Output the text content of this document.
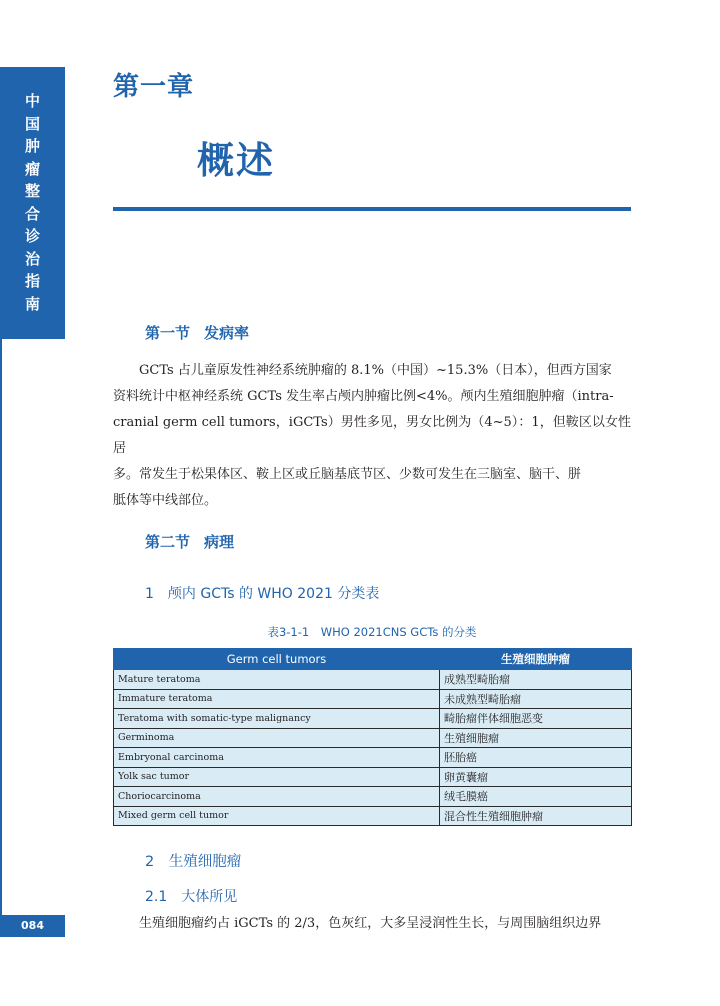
中
国
肿
瘤
整
合
诊
治
指
南
084
第一章
概述
第一节 发病率
GCTs 占儿童原发性神经系统肿瘤的 8.1%（中国）~15.3%（日本），但西方国家
资料统计中枢神经系统 GCTs 发生率占颅内肿瘤比例<4%。颅内生殖细胞肿瘤（intra-
cranial germ cell tumors，iGCTs）男性多见，男女比例为（4~5）：1，但鞍区以女性居
多。常发生于松果体区、鞍上区或丘脑基底节区、少数可发生在三脑室、脑干、胼
胝体等中线部位。
第二节 病理
1　颅内 GCTs 的 WHO 2021 分类表
表3-1-1　WHO 2021CNS GCTs 的分类
Germ cell tumors	生殖细胞肿瘤
Mature teratoma	成熟型畸胎瘤
Immature teratoma	未成熟型畸胎瘤
Teratoma with somatic-type malignancy	畸胎瘤伴体细胞恶变
Germinoma	生殖细胞瘤
Embryonal carcinoma	胚胎癌
Yolk sac tumor	卵黄囊瘤
Choriocarcinoma	绒毛膜癌
Mixed germ cell tumor	混合性生殖细胞肿瘤
2　生殖细胞瘤
2.1　大体所见
生殖细胞瘤约占 iGCTs 的 2/3，色灰红，大多呈浸润性生长，与周围脑组织边界
